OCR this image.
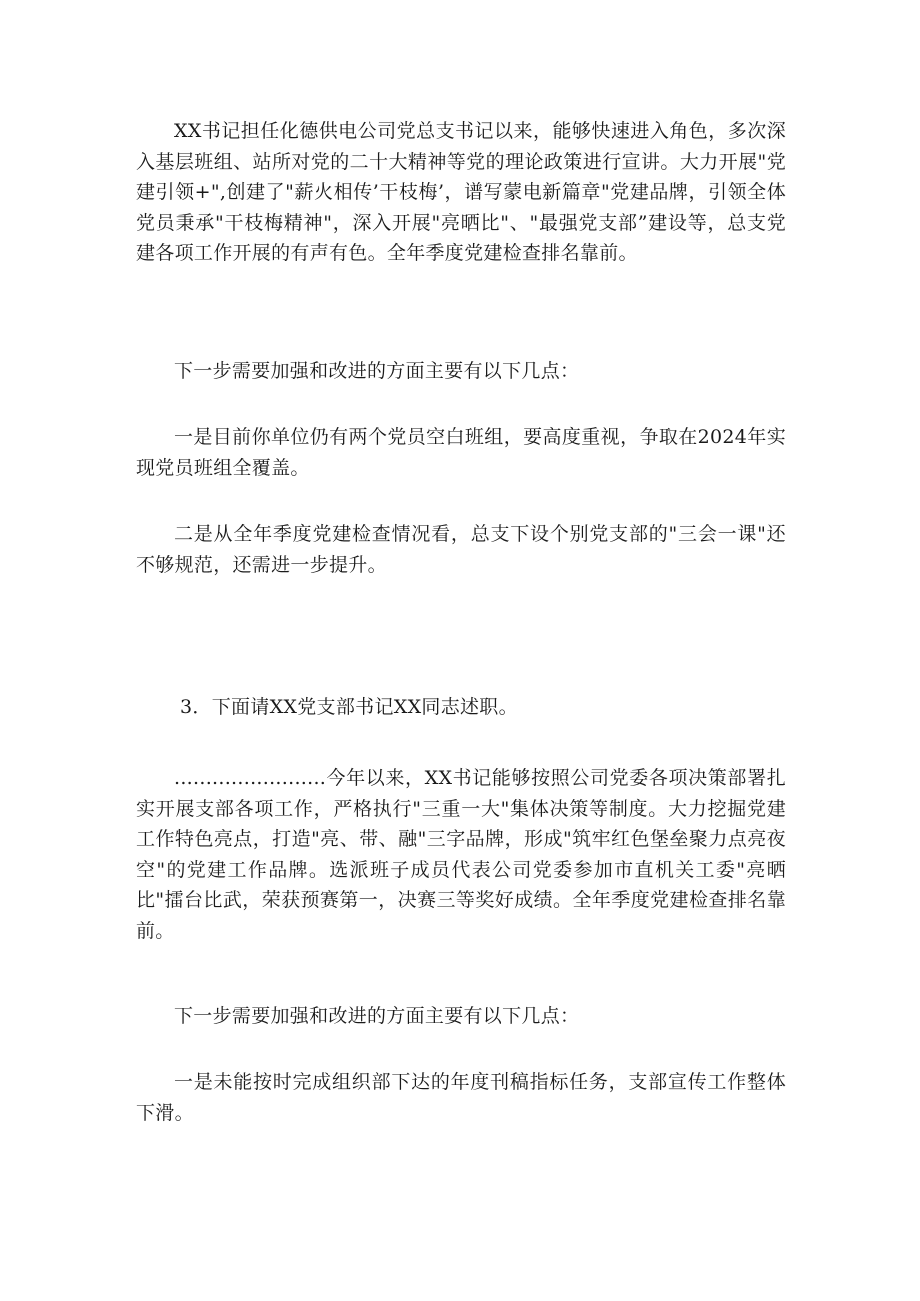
XX书记担任化德供电公司党总支书记以来，能够快速进入角色，多次深入基层班组、站所对党的二十大精神等党的理论政策进行宣讲。大力开展"党建引领+",创建了"薪火相传’干枝梅’，谱写蒙电新篇章"党建品牌，引领全体党员秉承"干枝梅精神"，深入开展"亮晒比"、"最强党支部”建设等，总支党建各项工作开展的有声有色。全年季度党建检查排名靠前。

下一步需要加强和改进的方面主要有以下几点：

一是目前你单位仍有两个党员空白班组，要高度重视，争取在2024年实现党员班组全覆盖。

二是从全年季度党建检查情况看，总支下设个别党支部的"三会一课"还不够规范，还需进一步提升。

3．下面请XX党支部书记XX同志述职。

........................今年以来，XX书记能够按照公司党委各项决策部署扎实开展支部各项工作，严格执行"三重一大"集体决策等制度。大力挖掘党建工作特色亮点，打造"亮、带、融"三字品牌，形成"筑牢红色堡垒聚力点亮夜空"的党建工作品牌。选派班子成员代表公司党委参加市直机关工委"亮晒比"擂台比武，荣获预赛第一，决赛三等奖好成绩。全年季度党建检查排名靠前。

下一步需要加强和改进的方面主要有以下几点：

一是未能按时完成组织部下达的年度刊稿指标任务，支部宣传工作整体下滑。
